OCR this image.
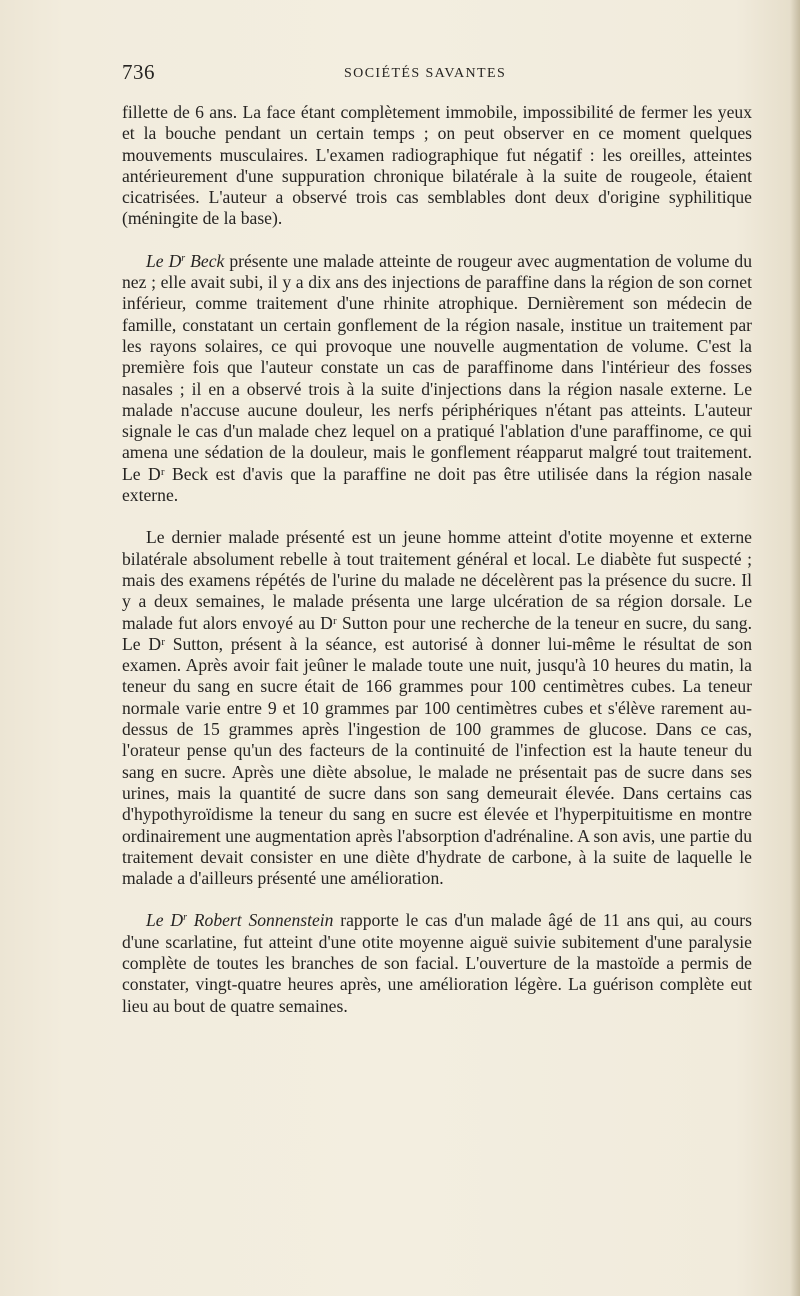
736	SOCIÉTÉS SAVANTES

fillette de 6 ans. La face étant complètement immobile, impossibilité de fermer les yeux et la bouche pendant un certain temps ; on peut observer en ce moment quelques mouvements musculaires. L'examen radiographique fut négatif : les oreilles, atteintes antérieurement d'une suppuration chronique bilatérale à la suite de rougeole, étaient cicatrisées. L'auteur a observé trois cas semblables dont deux d'origine syphilitique (méningite de la base).

Le $D^r$ Beck présente une malade atteinte de rougeur avec augmentation de volume du nez ; elle avait subi, il y a dix ans des injections de paraffine dans la région de son cornet inférieur, comme traitement d'une rhinite atrophique. Dernièrement son médecin de famille, constatant un certain gonflement de la région nasale, institue un traitement par les rayons solaires, ce qui provoque une nouvelle augmentation de volume. C'est la première fois que l'auteur constate un cas de paraffinome dans l'intérieur des fosses nasales ; il en a observé trois à la suite d'injections dans la région nasale externe. Le malade n'accuse aucune douleur, les nerfs périphériques n'étant pas atteints. L'auteur signale le cas d'un malade chez lequel on a pratiqué l'ablation d'une paraffinome, ce qui amena une sédation de la douleur, mais le gonflement réapparut malgré tout traitement. Le Dʳ Beck est d'avis que la paraffine ne doit pas être utilisée dans la région nasale externe.

Le dernier malade présenté est un jeune homme atteint d'otite moyenne et externe bilatérale absolument rebelle à tout traitement général et local. Le diabète fut suspecté ; mais des examens répétés de l'urine du malade ne décelèrent pas la présence du sucre. Il y a deux semaines, le malade présenta une large ulcération de sa région dorsale. Le malade fut alors envoyé au Dʳ Sutton pour une recherche de la teneur en sucre, du sang. Le Dʳ Sutton, présent à la séance, est autorisé à donner lui-même le résultat de son examen. Après avoir fait jeûner le malade toute une nuit, jusqu'à 10 heures du matin, la teneur du sang en sucre était de 166 grammes pour 100 centimètres cubes. La teneur normale varie entre 9 et 10 grammes par 100 centimètres cubes et s'élève rarement au-dessus de 15 grammes après l'ingestion de 100 grammes de glucose. Dans ce cas, l'orateur pense qu'un des facteurs de la continuité de l'infection est la haute teneur du sang en sucre. Après une diète absolue, le malade ne présentait pas de sucre dans ses urines, mais la quantité de sucre dans son sang demeurait élevée. Dans certains cas d'hypothyroïdisme la teneur du sang en sucre est élevée et l'hyperpituitisme en montre ordinairement une augmentation après l'absorption d'adrénaline. A son avis, une partie du traitement devait consister en une diète d'hydrate de carbone, à la suite de laquelle le malade a d'ailleurs présenté une amélioration.

Le $D^r$ Robert Sonnenstein rapporte le cas d'un malade âgé de 11 ans qui, au cours d'une scarlatine, fut atteint d'une otite moyenne aiguë suivie subitement d'une paralysie complète de toutes les branches de son facial. L'ouverture de la mastoïde a permis de constater, vingt-quatre heures après, une amélioration légère. La guérison complète eut lieu au bout de quatre semaines.
